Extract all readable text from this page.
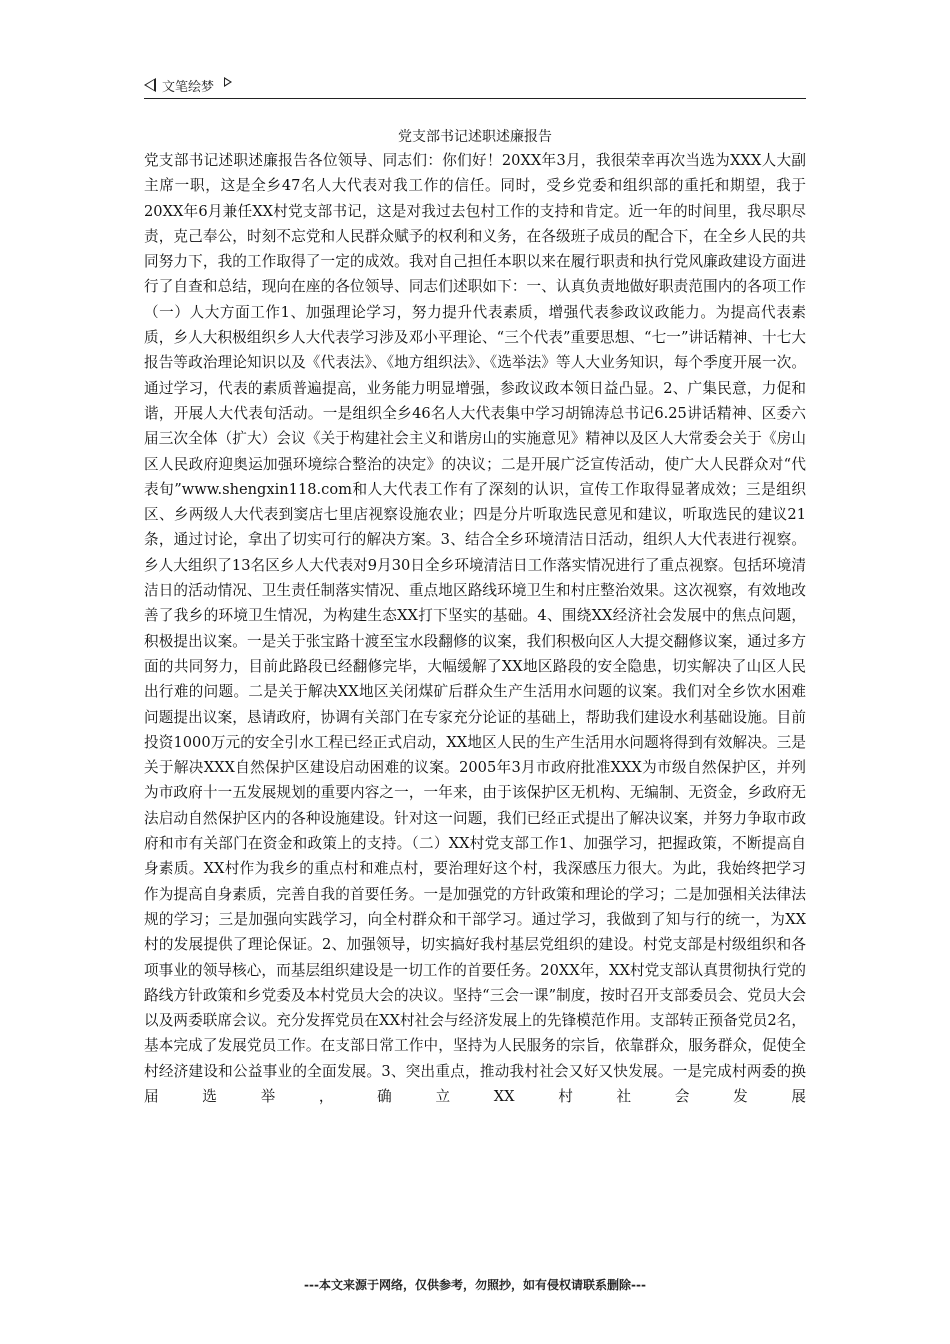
文笔绘梦
党支部书记述职述廉报告

党支部书记述职述廉报告各位领导、同志们：你们好！20XX年3月，我很荣幸再次当选为XXX人大副主席一职，这是全乡47名人大代表对我工作的信任。同时，受乡党委和组织部的重托和期望，我于20XX年6月兼任XX村党支部书记，这是对我过去包村工作的支持和肯定。近一年的时间里，我尽职尽责，克己奉公，时刻不忘党和人民群众赋予的权利和义务，在各级班子成员的配合下，在全乡人民的共同努力下，我的工作取得了一定的成效。我对自己担任本职以来在履行职责和执行党风廉政建设方面进行了自查和总结，现向在座的各位领导、同志们述职如下：一、认真负责地做好职责范围内的各项工作（一）人大方面工作1、加强理论学习，努力提升代表素质，增强代表参政议政能力。为提高代表素质，乡人大积极组织乡人大代表学习涉及邓小平理论、“三个代表”重要思想、“七一”讲话精神、十七大报告等政治理论知识以及《代表法》、《地方组织法》、《选举法》等人大业务知识，每个季度开展一次。通过学习，代表的素质普遍提高，业务能力明显增强，参政议政本领日益凸显。2、广集民意，力促和谐，开展人大代表旬活动。一是组织全乡46名人大代表集中学习胡锦涛总书记6.25讲话精神、区委六届三次全体（扩大）会议《关于构建社会主义和谐房山的实施意见》精神以及区人大常委会关于《房山区人民政府迎奥运加强环境综合整治的决定》的决议；二是开展广泛宣传活动，使广大人民群众对“代表旬”www.shengxin118.com和人大代表工作有了深刻的认识，宣传工作取得显著成效；三是组织区、乡两级人大代表到窦店七里店视察设施农业；四是分片听取选民意见和建议，听取选民的建议21条，通过讨论，拿出了切实可行的解决方案。3、结合全乡环境清洁日活动，组织人大代表进行视察。乡人大组织了13名区乡人大代表对9月30日全乡环境清洁日工作落实情况进行了重点视察。包括环境清洁日的活动情况、卫生责任制落实情况、重点地区路线环境卫生和村庄整治效果。这次视察，有效地改善了我乡的环境卫生情况，为构建生态XX打下坚实的基础。4、围绕XX经济社会发展中的焦点问题，积极提出议案。一是关于张宝路十渡至宝水段翻修的议案，我们积极向区人大提交翻修议案，通过多方面的共同努力，目前此路段已经翻修完毕，大幅缓解了XX地区路段的安全隐患，切实解决了山区人民出行难的问题。二是关于解决XX地区关闭煤矿后群众生产生活用水问题的议案。我们对全乡饮水困难问题提出议案，恳请政府，协调有关部门在专家充分论证的基础上，帮助我们建设水利基础设施。目前投资1000万元的安全引水工程已经正式启动，XX地区人民的生产生活用水问题将得到有效解决。三是关于解决XXX自然保护区建设启动困难的议案。2005年3月市政府批准XXX为市级自然保护区，并列为市政府十一五发展规划的重要内容之一，一年来，由于该保护区无机构、无编制、无资金，乡政府无法启动自然保护区内的各种设施建设。针对这一问题，我们已经正式提出了解决议案，并努力争取市政府和市有关部门在资金和政策上的支持。（二）XX村党支部工作1、加强学习，把握政策，不断提高自身素质。XX村作为我乡的重点村和难点村，要治理好这个村，我深感压力很大。为此，我始终把学习作为提高自身素质，完善自我的首要任务。一是加强党的方针政策和理论的学习；二是加强相关法律法规的学习；三是加强向实践学习，向全村群众和干部学习。通过学习，我做到了知与行的统一，为XX村的发展提供了理论保证。2、加强领导，切实搞好我村基层党组织的建设。村党支部是村级组织和各项事业的领导核心，而基层组织建设是一切工作的首要任务。20XX年，XX村党支部认真贯彻执行党的路线方针政策和乡党委及本村党员大会的决议。坚持“三会一课”制度，按时召开支部委员会、党员大会以及两委联席会议。充分发挥党员在XX村社会与经济发展上的先锋模范作用。支部转正预备党员2名，基本完成了发展党员工作。在支部日常工作中，坚持为人民服务的宗旨，依靠群众，服务群众，促使全村经济建设和公益事业的全面发展。3、突出重点，推动我村社会又好又快发展。一是完成村两委的换届选举，确立XX村社会发展

---本文来源于网络，仅供参考，勿照抄，如有侵权请联系删除---
